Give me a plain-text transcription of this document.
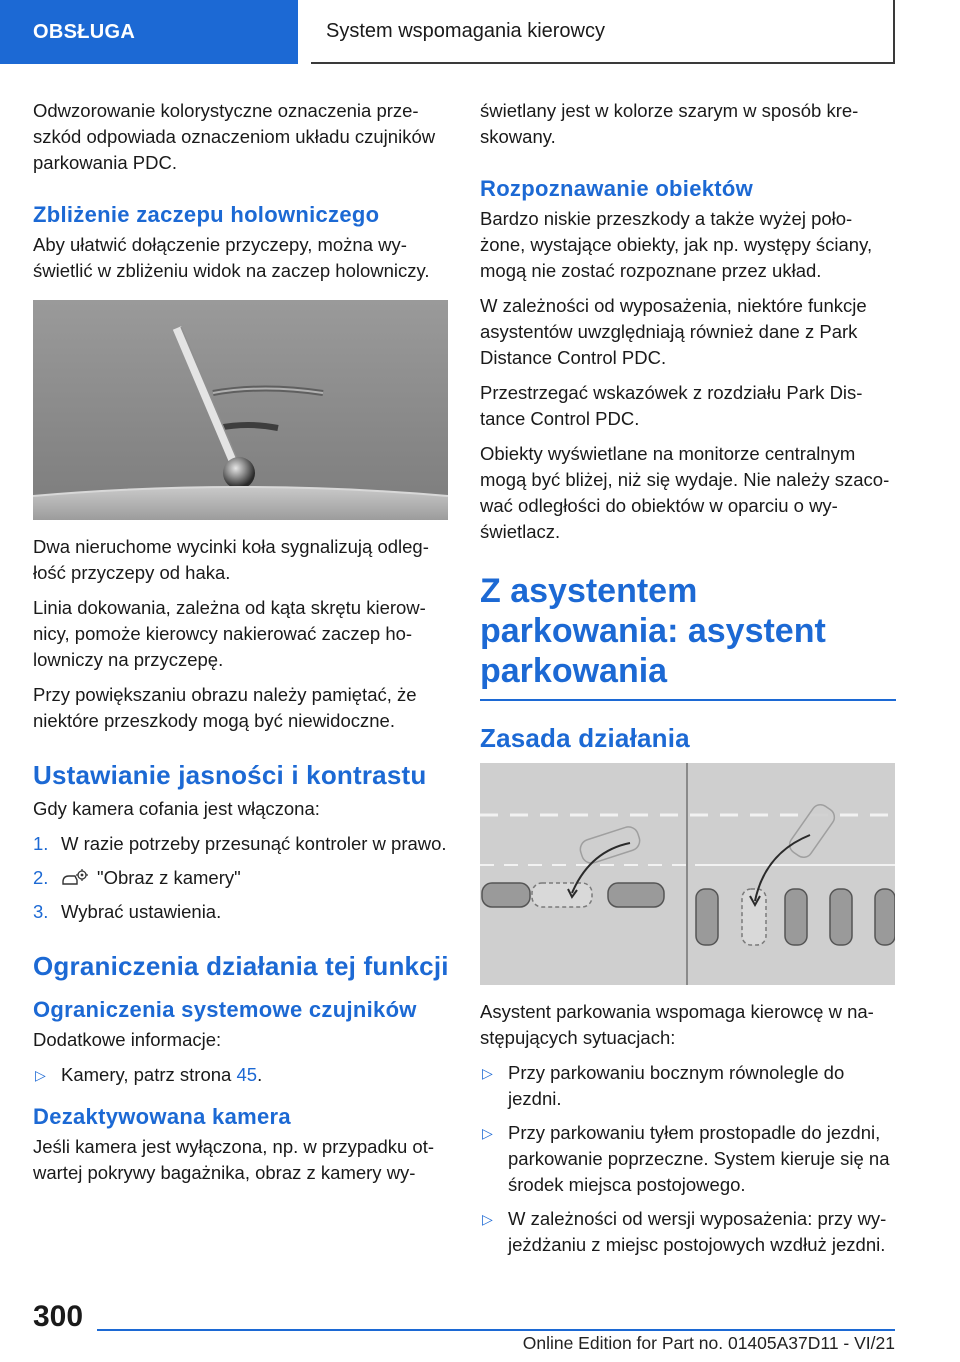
OBSŁUGA	System wspomagania kierowcy

Odwzorowanie kolorystyczne oznaczenia prze-szkód odpowiada oznaczeniom układu czujników parkowania PDC.

Zbliżenie zaczepu holowniczego

Aby ułatwić dołączenie przyczepy, można wy-świetlić w zbliżeniu widok na zaczep holowniczy.

Dwa nieruchome wycinki koła sygnalizują odleg-łość przyczepy od haka.

Linia dokowania, zależna od kąta skrętu kierow-nicy, pomoże kierowcy nakierować zaczep ho-lowniczy na przyczepę.

Przy powiększaniu obrazu należy pamiętać, że niektóre przeszkody mogą być niewidoczne.

Ustawianie jasności i kontrastu

Gdy kamera cofania jest włączona:

1. W razie potrzeby przesunąć kontroler w prawo.
2.	"Obraz z kamery"
3. Wybrać ustawienia.
Ograniczenia działania tej funkcji
Ograniczenia systemowe czujników

Dodatkowe informacje:

▷ Kamery, patrz strona 45.
Dezaktywowana kamera

Jeśli kamera jest wyłączona, np. w przypadku ot-wartej pokrywy bagażnika, obraz z kamery wy-

świetlany jest w kolorze szarym w sposób kre-skowany.

Rozpoznawanie obiektów

Bardzo niskie przeszkody a także wyżej poło-żone, wystające obiekty, jak np. występy ściany, mogą nie zostać rozpoznane przez układ.

W zależności od wyposażenia, niektóre funkcje asystentów uwzględniają również dane z Park Distance Control PDC.

Przestrzegać wskazówek z rozdziału Park Dis-tance Control PDC.

Obiekty wyświetlane na monitorze centralnym mogą być bliżej, niż się wydaje. Nie należy szaco-wać odległości do obiektów w oparciu o wy-świetlacz.

Z asystentem parkowania: asystent parkowania
Zasada działania

Asystent parkowania wspomaga kierowcę w na-stępujących sytuacjach:

▷ Przy parkowaniu bocznym równolegle do jezdni.
▷ Przy parkowaniu tyłem prostopadle do jezdni, parkowanie poprzeczne. System kieruje się na środek miejsca postojowego.
▷ W zależności od wersji wyposażenia: przy wy-jeżdżaniu z miejsc postojowych wzdłuż jezdni.
300
Online Edition for Part no. 01405A37D11 - VI/21
